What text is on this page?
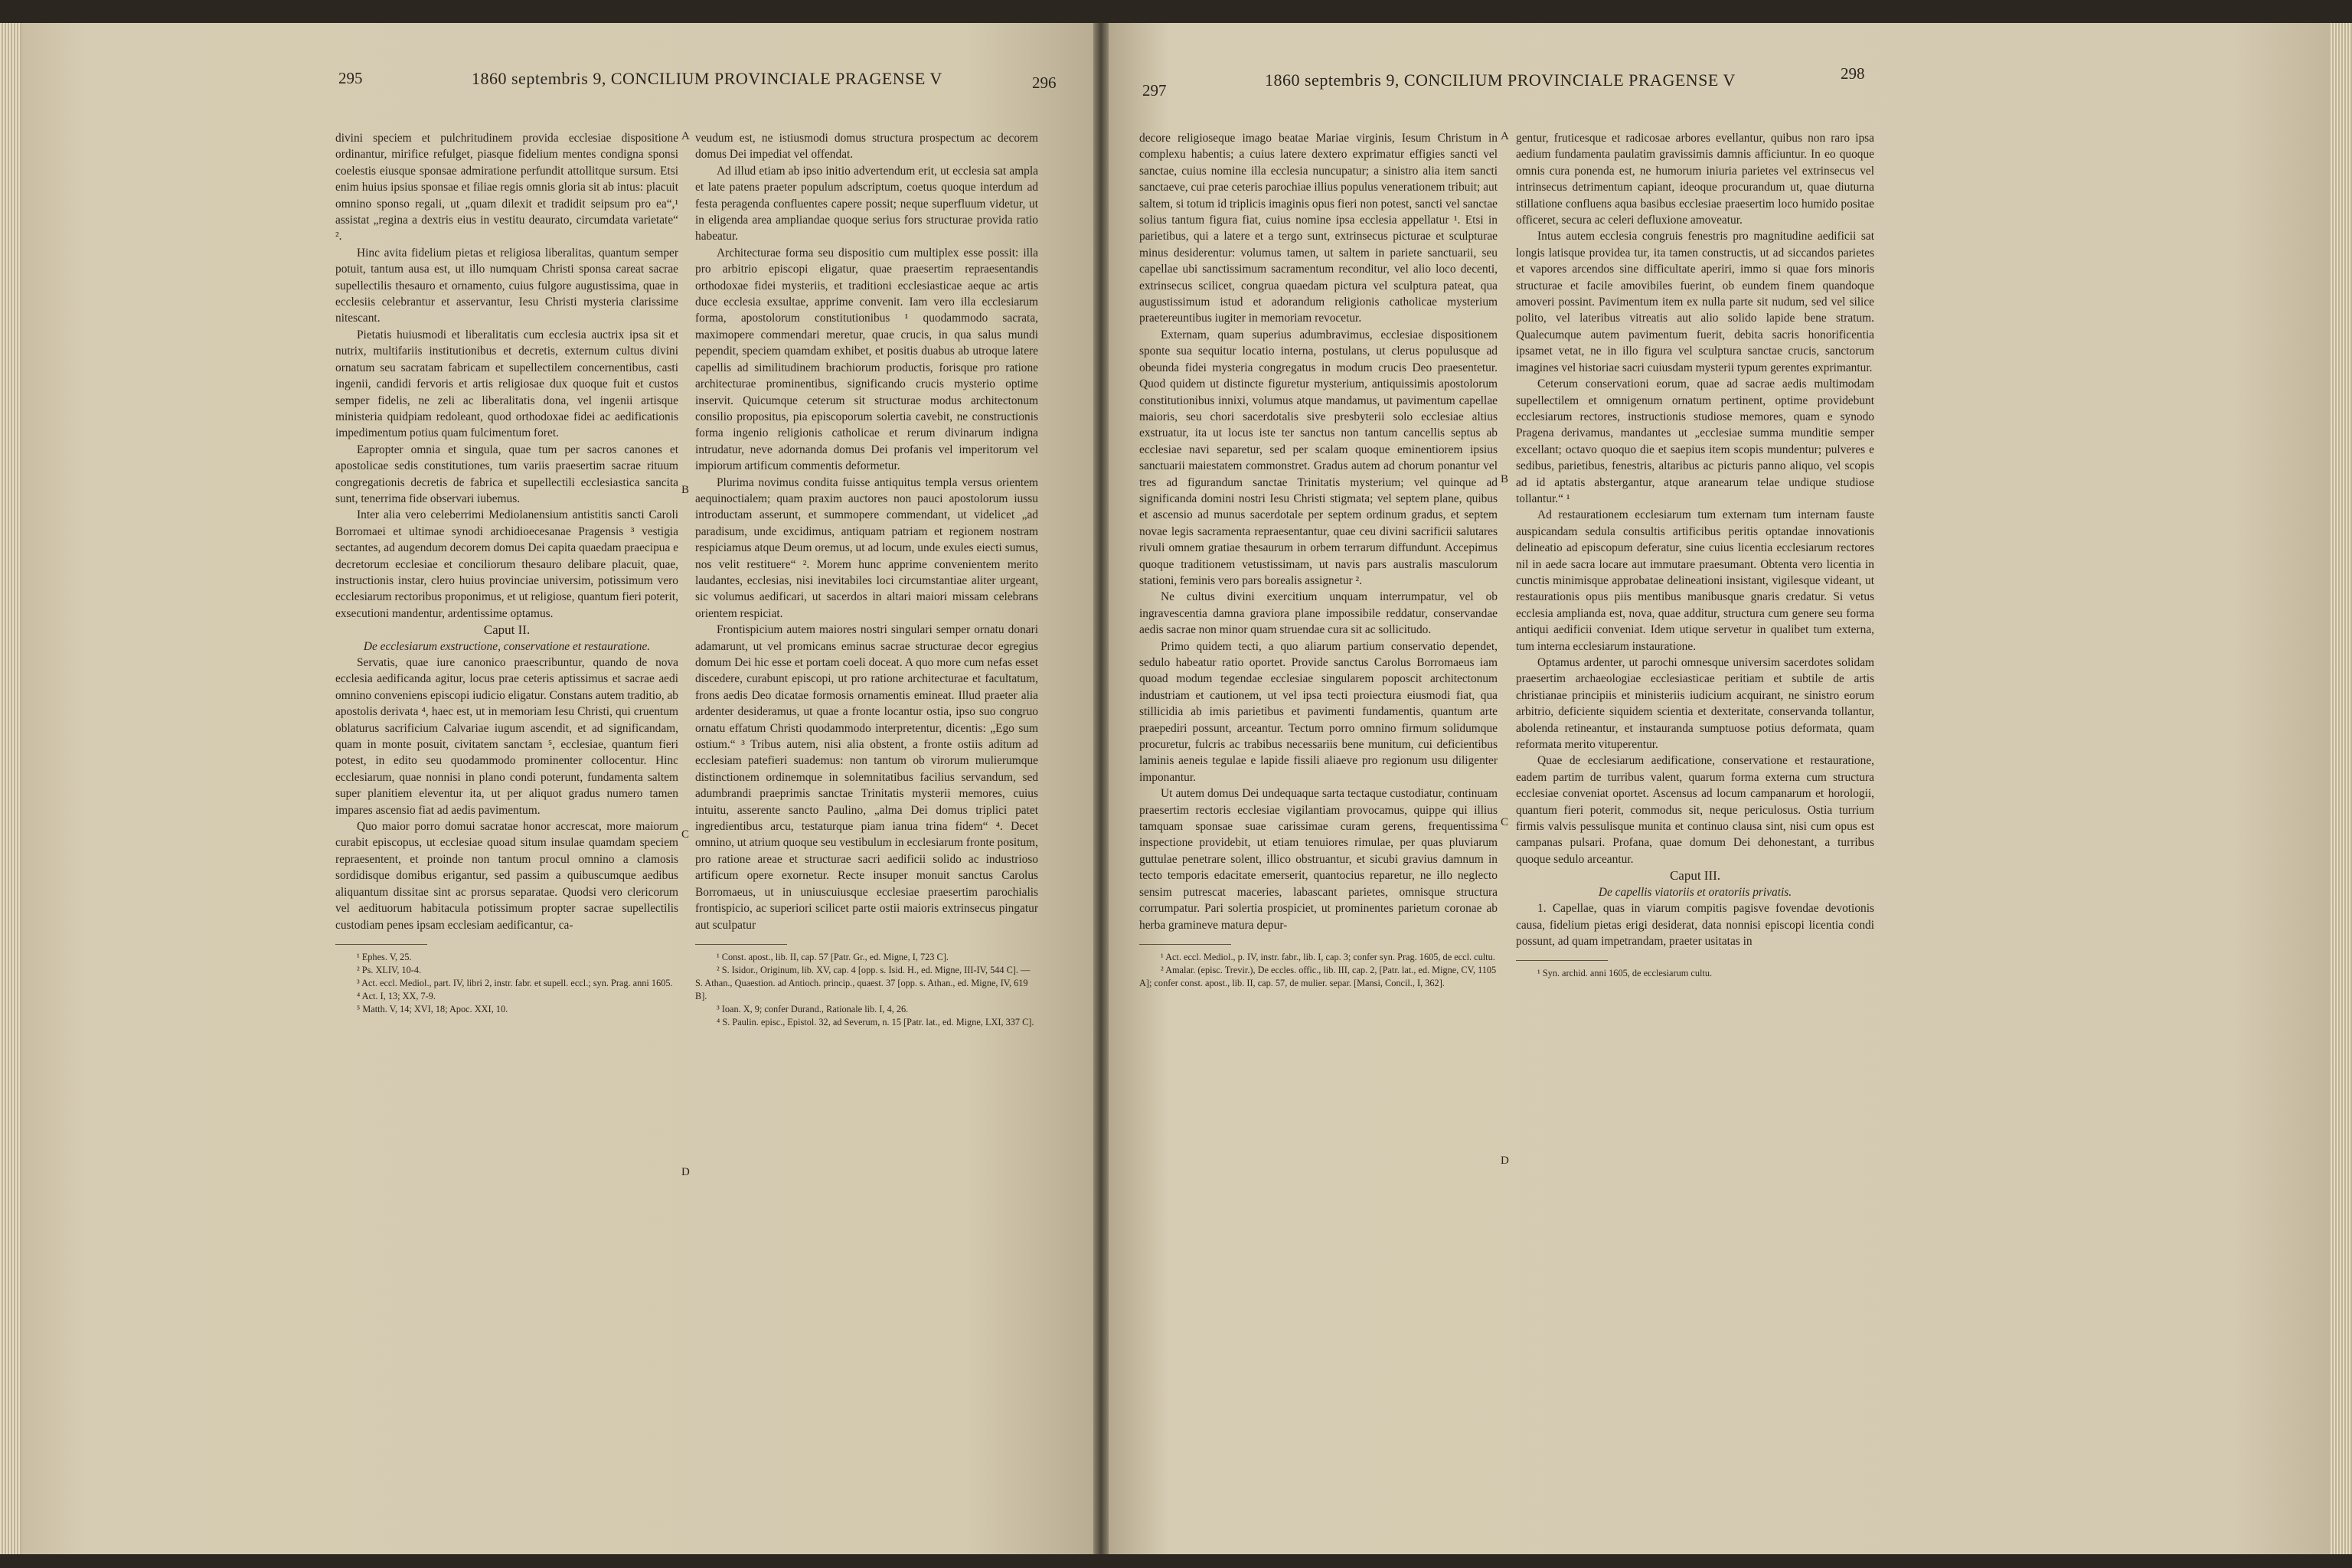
295	1860 septembris 9, CONCILIUM PROVINCIALE PRAGENSE V	296

divini speciem et pulchritudinem provida ecclesiae dispositione ordinantur, mirifice refulget, piasque fidelium mentes condigna sponsi coelestis eiusque sponsae admiratione perfundit attollitque sursum. Etsi enim huius ipsius sponsae et filiae regis omnis gloria sit ab intus: placuit omnino sponso regali, ut „quam dilexit et tradidit seipsum pro ea“,¹ assistat „regina a dextris eius in vestitu deaurato, circumdata varietate“ ².

Hinc avita fidelium pietas et religiosa liberalitas, quantum semper potuit, tantum ausa est, ut illo numquam Christi sponsa careat sacrae supellectilis thesauro et ornamento, cuius fulgore augustissima, quae in ecclesiis celebrantur et asservantur, Iesu Christi mysteria clarissime nitescant.

Pietatis huiusmodi et liberalitatis cum ecclesia auctrix ipsa sit et nutrix, multifariis institutionibus et decretis, externum cultus divini ornatum seu sacratam fabricam et supellectilem concernentibus, casti ingenii, candidi fervoris et artis religiosae dux quoque fuit et custos semper fidelis, ne zeli ac liberalitatis dona, vel ingenii artisque ministeria quidpiam redoleant, quod orthodoxae fidei ac aedificationis impedimentum potius quam fulcimentum foret.

Eapropter omnia et singula, quae tum per sacros canones et apostolicae sedis constitutiones, tum variis praesertim sacrae rituum congregationis decretis de fabrica et supellectili ecclesiastica sancita sunt, tenerrima fide observari iubemus.

Inter alia vero celeberrimi Mediolanensium antistitis sancti Caroli Borromaei et ultimae synodi archidioecesanae Pragensis ³ vestigia sectantes, ad augendum decorem domus Dei capita quaedam praecipua e decretorum ecclesiae et conciliorum thesauro delibare placuit, quae, instructionis instar, clero huius provinciae universim, potissimum vero ecclesiarum rectoribus proponimus, et ut religiose, quantum fieri poterit, exsecutioni mandentur, ardentissime optamus.

Caput II.

De ecclesiarum exstructione, conservatione et restauratione.

Servatis, quae iure canonico praescribuntur, quando de nova ecclesia aedificanda agitur, locus prae ceteris aptissimus et sacrae aedi omnino conveniens episcopi iudicio eligatur. Constans autem traditio, ab apostolis derivata ⁴, haec est, ut in memoriam Iesu Christi, qui cruentum oblaturus sacrificium Calvariae iugum ascendit, et ad significandam, quam in monte posuit, civitatem sanctam ⁵, ecclesiae, quantum fieri potest, in edito seu quodammodo prominenter collocentur. Hinc ecclesiarum, quae nonnisi in plano condi poterunt, fundamenta saltem super planitiem eleventur ita, ut per aliquot gradus numero tamen impares ascensio fiat ad aedis pavimentum.

Quo maior porro domui sacratae honor accrescat, more maiorum curabit episcopus, ut ecclesiae quoad situm insulae quamdam speciem repraesentent, et proinde non tantum procul omnino a clamosis sordidisque domibus erigantur, sed passim a quibuscumque aedibus aliquantum dissitae sint ac prorsus separatae. Quodsi vero clericorum vel aedituorum habitacula potissimum propter sacrae supellectilis custodiam penes ipsam ecclesiam aedificantur, ca-

¹ Ephes. V, 25.

² Ps. XLIV, 10-4.

³ Act. eccl. Mediol., part. IV, libri 2, instr. fabr. et supell. eccl.; syn. Prag. anni 1605.

⁴ Act. I, 13; XX, 7-9.

⁵ Matth. V, 14; XVI, 18; Apoc. XXI, 10.

A
B
C
D

veudum est, ne istiusmodi domus structura prospectum ac decorem domus Dei impediat vel offendat.

Ad illud etiam ab ipso initio advertendum erit, ut ecclesia sat ampla et late patens praeter populum adscriptum, coetus quoque interdum ad festa peragenda confluentes capere possit; neque superfluum videtur, ut in eligenda area ampliandae quoque serius fors structurae provida ratio habeatur.

Architecturae forma seu dispositio cum multiplex esse possit: illa pro arbitrio episcopi eligatur, quae praesertim repraesentandis orthodoxae fidei mysteriis, et traditioni ecclesiasticae aeque ac artis duce ecclesia exsultae, apprime convenit. Iam vero illa ecclesiarum forma, apostolorum constitutionibus ¹ quodammodo sacrata, maximopere commendari meretur, quae crucis, in qua salus mundi pependit, speciem quamdam exhibet, et positis duabus ab utroque latere capellis ad similitudinem brachiorum productis, forisque pro ratione architecturae prominentibus, significando crucis mysterio optime inservit. Quicumque ceterum sit structurae modus architectonum consilio propositus, pia episcoporum solertia cavebit, ne constructionis forma ingenio religionis catholicae et rerum divinarum indigna intrudatur, neve adornanda domus Dei profanis vel imperitorum vel impiorum artificum commentis deformetur.

Plurima novimus condita fuisse antiquitus templa versus orientem aequinoctialem; quam praxim auctores non pauci apostolorum iussu introductam asserunt, et summopere commendant, ut videlicet „ad paradisum, unde excidimus, antiquam patriam et regionem nostram respiciamus atque Deum oremus, ut ad locum, unde exules eiecti sumus, nos velit restituere“ ². Morem hunc apprime convenientem merito laudantes, ecclesias, nisi inevitabiles loci circumstantiae aliter urgeant, sic volumus aedificari, ut sacerdos in altari maiori missam celebrans orientem respiciat.

Frontispicium autem maiores nostri singulari semper ornatu donari adamarunt, ut vel promicans eminus sacrae structurae decor egregius domum Dei hic esse et portam coeli doceat. A quo more cum nefas esset discedere, curabunt episcopi, ut pro ratione architecturae et facultatum, frons aedis Deo dicatae formosis ornamentis emineat. Illud praeter alia ardenter desideramus, ut quae a fronte locantur ostia, ipso suo congruo ornatu effatum Christi quodammodo interpretentur, dicentis: „Ego sum ostium.“ ³ Tribus autem, nisi alia obstent, a fronte ostiis aditum ad ecclesiam patefieri suademus: non tantum ob virorum mulierumque distinctionem ordinemque in solemnitatibus facilius servandum, sed adumbrandi praeprimis sanctae Trinitatis mysterii memores, cuius intuitu, asserente sancto Paulino, „alma Dei domus triplici patet ingredientibus arcu, testaturque piam ianua trina fidem“ ⁴. Decet omnino, ut atrium quoque seu vestibulum in ecclesiarum fronte positum, pro ratione areae et structurae sacri aedificii solido ac industrioso artificum opere exornetur. Recte insuper monuit sanctus Carolus Borromaeus, ut in uniuscuiusque ecclesiae praesertim parochialis frontispicio, ac superiori scilicet parte ostii maioris extrinsecus pingatur aut sculpatur

¹ Const. apost., lib. II, cap. 57 [Patr. Gr., ed. Migne, I, 723 C].

² S. Isidor., Originum, lib. XV, cap. 4 [opp. s. Isid. H., ed. Migne, III-IV, 544 C]. — S. Athan., Quaestion. ad Antioch. princip., quaest. 37 [opp. s. Athan., ed. Migne, IV, 619 B].

³ Ioan. X, 9; confer Durand., Rationale lib. I, 4, 26.

⁴ S. Paulin. episc., Epistol. 32, ad Severum, n. 15 [Patr. lat., ed. Migne, LXI, 337 C].

297
1860 septembris 9, CONCILIUM PROVINCIALE PRAGENSE V	298

decore religioseque imago beatae Mariae virginis, Iesum Christum in complexu habentis; a cuius latere dextero exprimatur effigies sancti vel sanctae, cuius nomine illa ecclesia nuncupatur; a sinistro alia item sancti sanctaeve, cui prae ceteris parochiae illius populus venerationem tribuit; aut saltem, si totum id triplicis imaginis opus fieri non potest, sancti vel sanctae solius tantum figura fiat, cuius nomine ipsa ecclesia appellatur ¹. Etsi in parietibus, qui a latere et a tergo sunt, extrinsecus picturae et sculpturae minus desiderentur: volumus tamen, ut saltem in pariete sanctuarii, seu capellae ubi sanctissimum sacramentum reconditur, vel alio loco decenti, extrinsecus scilicet, congrua quaedam pictura vel sculptura pateat, qua augustissimum istud et adorandum religionis catholicae mysterium praetereuntibus iugiter in memoriam revocetur.

Externam, quam superius adumbravimus, ecclesiae dispositionem sponte sua sequitur locatio interna, postulans, ut clerus populusque ad obeunda fidei mysteria congregatus in modum crucis Deo praesentetur. Quod quidem ut distincte figuretur mysterium, antiquissimis apostolorum constitutionibus innixi, volumus atque mandamus, ut pavimentum capellae maioris, seu chori sacerdotalis sive presbyterii solo ecclesiae altius exstruatur, ita ut locus iste ter sanctus non tantum cancellis septus ab ecclesiae navi separetur, sed per scalam quoque eminentiorem ipsius sanctuarii maiestatem commonstret. Gradus autem ad chorum ponantur vel tres ad figurandum sanctae Trinitatis mysterium; vel quinque ad significanda domini nostri Iesu Christi stigmata; vel septem plane, quibus et ascensio ad munus sacerdotale per septem ordinum gradus, et septem novae legis sacramenta repraesentantur, quae ceu divini sacrificii salutares rivuli omnem gratiae thesaurum in orbem terrarum diffundunt. Accepimus quoque traditionem vetustissimam, ut navis pars australis masculorum stationi, feminis vero pars borealis assignetur ².

Ne cultus divini exercitium unquam interrumpatur, vel ob ingravescentia damna graviora plane impossibile reddatur, conservandae aedis sacrae non minor quam struendae cura sit ac sollicitudo.

Primo quidem tecti, a quo aliarum partium conservatio dependet, sedulo habeatur ratio oportet. Provide sanctus Carolus Borromaeus iam quoad modum tegendae ecclesiae singularem poposcit architectonum industriam et cautionem, ut vel ipsa tecti proiectura eiusmodi fiat, qua stillicidia ab imis parietibus et pavimenti fundamentis, quantum arte praepediri possunt, arceantur. Tectum porro omnino firmum solidumque procuretur, fulcris ac trabibus necessariis bene munitum, cui deficientibus laminis aeneis tegulae e lapide fissili aliaeve pro regionum usu diligenter imponantur.

Ut autem domus Dei undequaque sarta tectaque custodiatur, continuam praesertim rectoris ecclesiae vigilantiam provocamus, quippe qui illius tamquam sponsae suae carissimae curam gerens, frequentissima inspectione providebit, ut etiam tenuiores rimulae, per quas pluviarum guttulae penetrare solent, illico obstruantur, et sicubi gravius damnum in tecto temporis edacitate emerserit, quantocius reparetur, ne illo neglecto sensim putrescat maceries, labascant parietes, omnisque structura corrumpatur. Pari solertia prospiciet, ut prominentes parietum coronae ab herba gramineve matura depur-

¹ Act. eccl. Mediol., p. IV, instr. fabr., lib. I, cap. 3; confer syn. Prag. 1605, de eccl. cultu.

² Amalar. (episc. Trevir.), De eccles. offic., lib. III, cap. 2, [Patr. lat., ed. Migne, CV, 1105 A]; confer const. apost., lib. II, cap. 57, de mulier. separ. [Mansi, Concil., I, 362].

A
B
C
D

gentur, fruticesque et radicosae arbores evellantur, quibus non raro ipsa aedium fundamenta paulatim gravissimis damnis afficiuntur. In eo quoque omnis cura ponenda est, ne humorum iniuria parietes vel extrinsecus vel intrinsecus detrimentum capiant, ideoque procurandum ut, quae diuturna stillatione confluens aqua basibus ecclesiae praesertim loco humido positae officeret, secura ac celeri defluxione amoveatur.

Intus autem ecclesia congruis fenestris pro magnitudine aedificii sat longis latisque providea tur, ita tamen constructis, ut ad siccandos parietes et vapores arcendos sine difficultate aperiri, immo si quae fors minoris structurae et facile amovibiles fuerint, ob eundem finem quandoque amoveri possint. Pavimentum item ex nulla parte sit nudum, sed vel silice polito, vel lateribus vitreatis aut alio solido lapide bene stratum. Qualecumque autem pavimentum fuerit, debita sacris honorificentia ipsamet vetat, ne in illo figura vel sculptura sanctae crucis, sanctorum imagines vel historiae sacri cuiusdam mysterii typum gerentes exprimantur.

Ceterum conservationi eorum, quae ad sacrae aedis multimodam supellectilem et omnigenum ornatum pertinent, optime providebunt ecclesiarum rectores, instructionis studiose memores, quam e synodo Pragena derivamus, mandantes ut „ecclesiae summa munditie semper excellant; octavo quoquo die et saepius item scopis mundentur; pulveres e sedibus, parietibus, fenestris, altaribus ac picturis panno aliquo, vel scopis ad id aptatis abstergantur, atque aranearum telae undique studiose tollantur.“ ¹

Ad restaurationem ecclesiarum tum externam tum internam fauste auspicandam sedula consultis artificibus peritis optandae innovationis delineatio ad episcopum deferatur, sine cuius licentia ecclesiarum rectores nil in aede sacra locare aut immutare praesumant. Obtenta vero licentia in cunctis minimisque approbatae delineationi insistant, vigilesque videant, ut restaurationis opus piis mentibus manibusque gnaris credatur. Si vetus ecclesia amplianda est, nova, quae additur, structura cum genere seu forma antiqui aedificii conveniat. Idem utique servetur in qualibet tum externa, tum interna ecclesiarum instauratione.

Optamus ardenter, ut parochi omnesque universim sacerdotes solidam praesertim archaeologiae ecclesiasticae peritiam et subtile de artis christianae principiis et ministeriis iudicium acquirant, ne sinistro eorum arbitrio, deficiente siquidem scientia et dexteritate, conservanda tollantur, abolenda retineantur, et instauranda sumptuose potius deformata, quam reformata merito vituperentur.

Quae de ecclesiarum aedificatione, conservatione et restauratione, eadem partim de turribus valent, quarum forma externa cum structura ecclesiae conveniat oportet. Ascensus ad locum campanarum et horologii, quantum fieri poterit, commodus sit, neque periculosus. Ostia turrium firmis valvis pessulisque munita et continuo clausa sint, nisi cum opus est campanas pulsari. Profana, quae domum Dei dehonestant, a turribus quoque sedulo arceantur.

Caput III.

De capellis viatoriis et oratoriis privatis.

1. Capellae, quas in viarum compitis pagisve fovendae devotionis causa, fidelium pietas erigi desiderat, data nonnisi episcopi licentia condi possunt, ad quam impetrandam, praeter usitatas in

¹ Syn. archid. anni 1605, de ecclesiarum cultu.
